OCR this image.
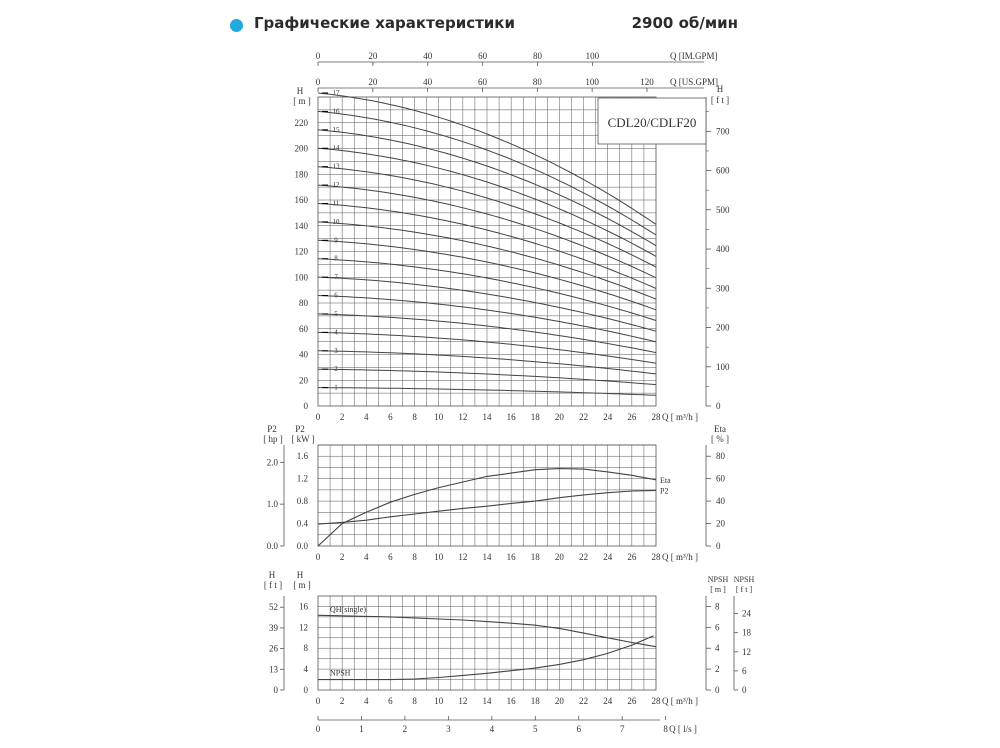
Графические характеристики	2900 об/мин
0 2 4 6 8 10 12 14 16 18 20 22 24 26 28 Q [ m³/h ]
0	20	40	60	80	100	Q [IM.GPM]
0	20	40	60	80	100	120 Q [US.GPM]
0
20
40
60
80
100
120
140
160
180
200
220
H
[ m ]
0
100
200
300
400
500
600
700
H
[ f t ]
CDL20/CDLF20
1
2
3
4
5
6
7
8
9
10
11
12
13
14
15
16
17
0 2 4 6 8 10 12 14 16 18 20 22 24 26 28 Q [ m³/h ]
0.0
0.4
0.8
1.2
1.6
P2
[ kW ]
0.0
1.0
2.0
P2
[ hp ]
0
20
40
60
80
Eta
[ % ]
Eta
P2
0 2 4 6 8 10 12 14 16 18 20 22 24 26 28 Q [ m³/h ]
0	1	2	3	4	5	6	7	8 Q [ l/s ]
0
4
8
12
16
H
[ m ]
0
13
26
39
52
H
[ f t ]
0
2
4
6
8
NPSH
[ m ]
0
6
12
18
24
NPSH
[ f t ]
QH(single)
NPSH
